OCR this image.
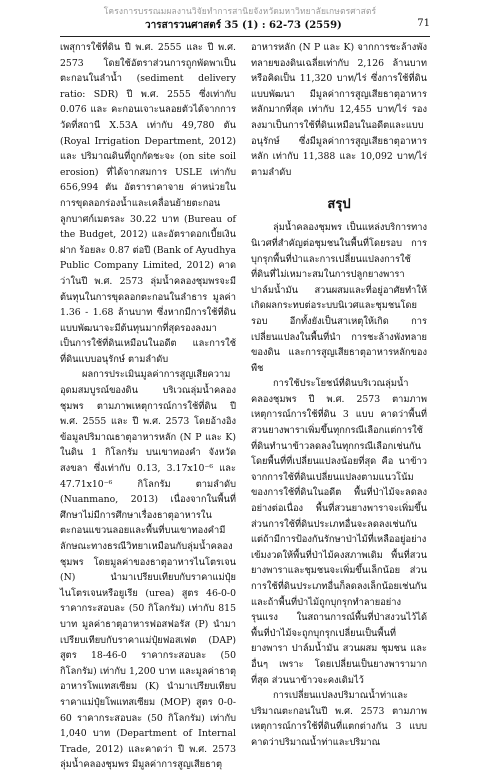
โครงการบรรณมผลงานวิจัยทำการสานิยจังหวัดมหาวิทยาลัยเกษตรศาสตร์
วารสารวนศาสตร์ 35 (1) : 62-73 (2559)	71

เพสุการใช้ที่ดิน ปี พ.ศ. 2555 และ ปี พ.ศ. 2573 โดยใช้อัตราส่วนการถูกพัดพาเป็นตะกอนในลำน้ำ (sediment delivery ratio: SDR) ปี พ.ศ. 2555 ซึ่งเท่ากับ 0.076 และ คะกอนเจาะนลอยตัวได้จากการวัดที่สถานี X.53A เท่ากับ 49,780 ตัน (Royal Irrigation Department, 2012) และ ปริมาณดินที่ถูกกัดชะจะ (on site soil erosion) ที่ได้จากสมการ USLE เท่ากับ 656,994 ตัน อัตราราคาจาย ค่าหน่วยในการขุดลอกร่องน้ำและเคลื่อนย้ายตะกอน ลูกบาศก์เมตรละ 30.22 บาท (Bureau of the Budget, 2012) และอัตราดอกเบี้ยเงินฝาก ร้อยละ 0.87 ต่อปี (Bank of Ayudhya Public Company Limited, 2012) คาดว่าในปี พ.ศ. 2573 ลุ่มน้ำคลองชุมพรจะมีต้นทุนในการขุดลอกตะกอนในลำธาร มูลค่า 1.36 - 1.68 ล้านบาท ซึ่งหากมีการใช้ที่ดินแบบพัฒนาจะมีต้นทุนมากที่สุดรองลงมาเป็นการใช้ที่ดินเหมือนในอดีต และการใช้ที่ดินแบบอนุรักษ์ ตามลำดับ

ผลการประเมินมูลค่าการสูญเสียความอุดมสมบูรณ์ของดิน บริเวณลุ่มน้ำคลองชุมพร ตามภาพเหตุการณ์การใช้ที่ดิน ปี พ.ศ. 2555 และ ปี พ.ศ. 2573 โดยอ้างอิงข้อมูลปริมาณธาตุอาหารหลัก (N P และ K) ในดิน 1 กิโลกรัม บนเขาทองคำ จังหวัดสงขลา ซึ่งเท่ากับ 0.13, 3.17x10⁻⁶ และ 47.71x10⁻⁶ กิโลกรัม ตามลำดับ (Nuanmano, 2013) เนื่องจากในพื้นที่ศึกษาไม่มีการศึกษาเรื่องธาตุอาหารในตะกอนแขวนลอยและพื้นที่บนเขาทองคำมีลักษณะทางธรณีวิทยาเหมือนกับลุ่มน้ำคลองชุมพร โดยมูลค่าของธาตุอาหารไนโตรเจน (N) นำมาเปรียบเทียบกับราคาแม่ปุ๋ยไนโตรเจนหรือยูเรีย (urea) สูตร 46-0-0 ราคากระสอบละ (50 กิโลกรัม) เท่ากับ 815 บาท มูลค่าธาตุอาหารฟอสฟอรัส (P) นำมาเปรียบเทียบกับราคาแม่ปุ๋ยฟอสเฟต (DAP) สูตร 18-46-0 ราคากระสอบละ (50 กิโลกรัม) เท่ากับ 1,200 บาท และมูลค่าธาตุอาหารโพแทสเซียม (K) นำมาเปรียบเทียบราคาแม่ปุ๋ยโพแทสเซียม (MOP) สูตร 0-0-60 ราคากระสอบละ (50 กิโลกรัม) เท่ากับ 1,040 บาท (Department of Internal Trade, 2012) และคาดว่า ปี พ.ศ. 2573 ลุ่มน้ำคลองชุมพร มีมูลค่าการสูญเสียธาตุ

อาหารหลัก (N P และ K) จากการชะล้างพังทลายของดินเฉลี่ยเท่ากับ 2,126 ล้านบาท หรือคิดเป็น 11,320 บาท/ไร่ ซึ่งการใช้ที่ดินแบบพัฒนา มีมูลค่าการสูญเสียธาตุอาหารหลักมากที่สุด เท่ากับ 12,455 บาท/ไร่ รองลงมาเป็นการใช้ที่ดินเหมือนในอดีตและแบบอนุรักษ์ ซึ่งมีมูลค่าการสูญเสียธาตุอาหารหลัก เท่ากับ 11,388 และ 10,092 บาท/ไร่ตามลำดับ

สรุป

ลุ่มน้ำคลองชุมพร เป็นแหล่งบริการทางนิเวศที่สำคัญต่อชุมชนในพื้นที่โดยรอบ การบุกรุกพื้นที่ป่าและการเปลี่ยนแปลงการใช้ที่ดินที่ไม่เหมาะสมในการปลูกยางพาราปาล์มน้ำมัน สวนผสมและที่อยู่อาศัยทำให้เกิดผลกระทบต่อระบบนิเวศและชุมชนโดยรอบ อีกทั้งยังเป็นสาเหตุให้เกิด การเปลี่ยนแปลงในพื้นที่นำ การชะล้างพังทลายของดิน และการสูญเสียธาตุอาหารหลักของพืช

การใช้ประโยชน์ที่ดินบริเวณลุ่มน้ำคลองชุมพร ปี พ.ศ. 2573 ตามภาพเหตุการณ์การใช้ที่ดิน 3 แบบ คาดว่าพื้นที่สวนยางพาราเพิ่มขึ้นทุกกรณีเลือกแต่การใช้ที่ดินทำนาข้าวลดลงในทุกกรณีเลือกเช่นกัน โดยพื้นที่ที่เปลี่ยนแปลงน้อยที่สุด คือ นาข้าว จากการใช้ที่ดินเปลี่ยนแปลงตามแนวโน้มของการใช้ที่ดินในอดีต พื้นที่ป่าไม้จะลดลงอย่างต่อเนื่อง พื้นที่สวนยางพาราจะเพิ่มขึ้น ส่วนการใช้ที่ดินประเภทอื่นจะลดลงเช่นกัน แต่ถ้ามีการป้องกันรักษาป่าไม้ที่เหลืออยู่อย่างเข้มงวดให้พื้นที่ป่าไม้คงสภาพเดิม พื้นที่สวนยางพาราและชุมชนจะเพิ่มขึ้นเล็กน้อย ส่วนการใช้ที่ดินประเภทอื่นก็ลดลงเล็กน้อยเช่นกัน และถ้าพื้นที่ป่าไม้ถูกบุกรุกทำลายอย่างรุนแรง ในสถานการณ์พื้นที่ป่าสงวนไว้ได้ พื้นที่ป่าไม้จะถูกบุกรุกเปลี่ยนเป็นพื้นที่ยางพารา ปาล์มน้ำมัน สวนผสม ชุมชน และอื่นๆ เพราะ โดยเปลี่ยนเป็นยางพารามากที่สุด ส่วนนาข้าวจะคงเดิมไว้

การเปลี่ยนแปลงปริมาณน้ำท่าและปริมาณตะกอนในปี พ.ศ. 2573 ตามภาพเหตุการณ์การใช้ที่ดินที่แตกต่างกัน 3 แบบ คาดว่าปริมาณน้ำท่าและปริมาณ
